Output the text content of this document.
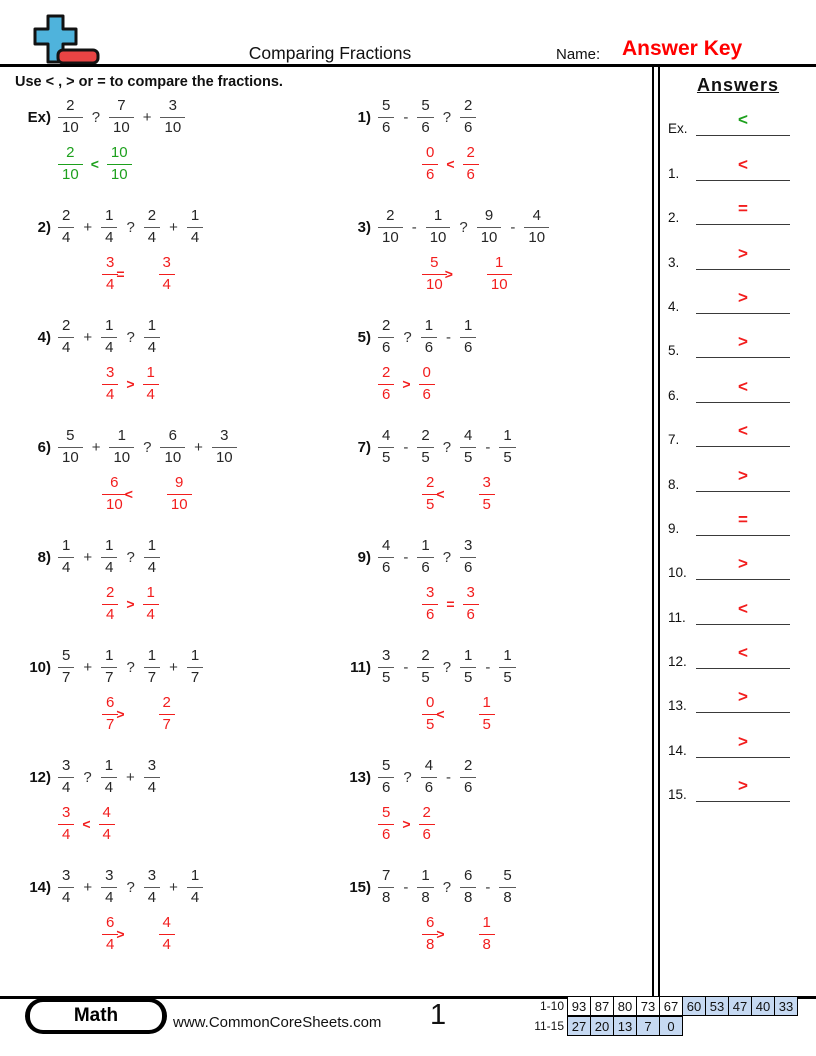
Comparing Fractions	Name: Answer Key
Use < , > or = to compare the fractions.
$Ex) \frac{2}{10}$ ? $\frac{7}{10} + \frac{3}{10}$
$\frac{2}{10} < \frac{10}{10}$
$1) \frac{5}{6} - \frac{5}{6}$ ? $\frac{2}{6}$
$\frac{0}{6} < \frac{2}{6}$
$2) \frac{2}{4} + \frac{1}{4}$ ? $\frac{2}{4} + \frac{1}{4}$
$\frac{3}{4}$
= $\frac{3}{4}$
$3) \frac{2}{10} - \frac{1}{10}$ ? $\frac{9}{10} - \frac{4}{10}$
$\frac{5}{10}$
> $\frac{1}{10}$
$4) \frac{2}{4} + \frac{1}{4}$ ? $\frac{1}{4}$
$\frac{3}{4} > \frac{1}{4}$
$5) \frac{2}{6}$ ? $\frac{1}{6} - \frac{1}{6}$
$\frac{2}{6} > \frac{0}{6}$
$6) \frac{5}{10} + \frac{1}{10}$ ? $\frac{6}{10} + \frac{3}{10}$
$\frac{6}{10}$
< $\frac{9}{10}$
$7) \frac{4}{5} - \frac{2}{5}$ ? $\frac{4}{5} - \frac{1}{5}$
$\frac{2}{5}$
< $\frac{3}{5}$
$8) \frac{1}{4} + \frac{1}{4}$ ? $\frac{1}{4}$
$\frac{2}{4} > \frac{1}{4}$
$9) \frac{4}{6} - \frac{1}{6}$ ? $\frac{3}{6}$
$\frac{3}{6} = \frac{3}{6}$
$10) \frac{5}{7} + \frac{1}{7}$ ? $\frac{1}{7} + \frac{1}{7}$
$\frac{6}{7}$
> $\frac{2}{7}$
$11) \frac{3}{5} - \frac{2}{5}$ ? $\frac{1}{5} - \frac{1}{5}$
$\frac{0}{5}$
< $\frac{1}{5}$
$12) \frac{3}{4}$ ? $\frac{1}{4} + \frac{3}{4}$
$\frac{3}{4} < \frac{4}{4}$
$13) \frac{5}{6}$ ? $\frac{4}{6} - \frac{2}{6}$
$\frac{5}{6} > \frac{2}{6}$
$14) \frac{3}{4} + \frac{3}{4}$ ? $\frac{3}{4} + \frac{1}{4}$
$\frac{6}{4}$
> $\frac{4}{4}$
$15) \frac{7}{8} - \frac{1}{8}$ ? $\frac{6}{8} - \frac{5}{8}$
$\frac{6}{8}$
> $\frac{1}{8}$
Answers
Ex.	<
1.	<
2.	=
3.	>
4.	>
5.	>
6.	<
7.	<
8.	>
9.	=
10.	>
11.	<
12.	<
13.	>
14.	>
15.	>
Math	www.CommonCoreSheets.com 1	1-10 93 87 80 73 67 60 53 47 40 33
11-15 27 20 13 7	0
